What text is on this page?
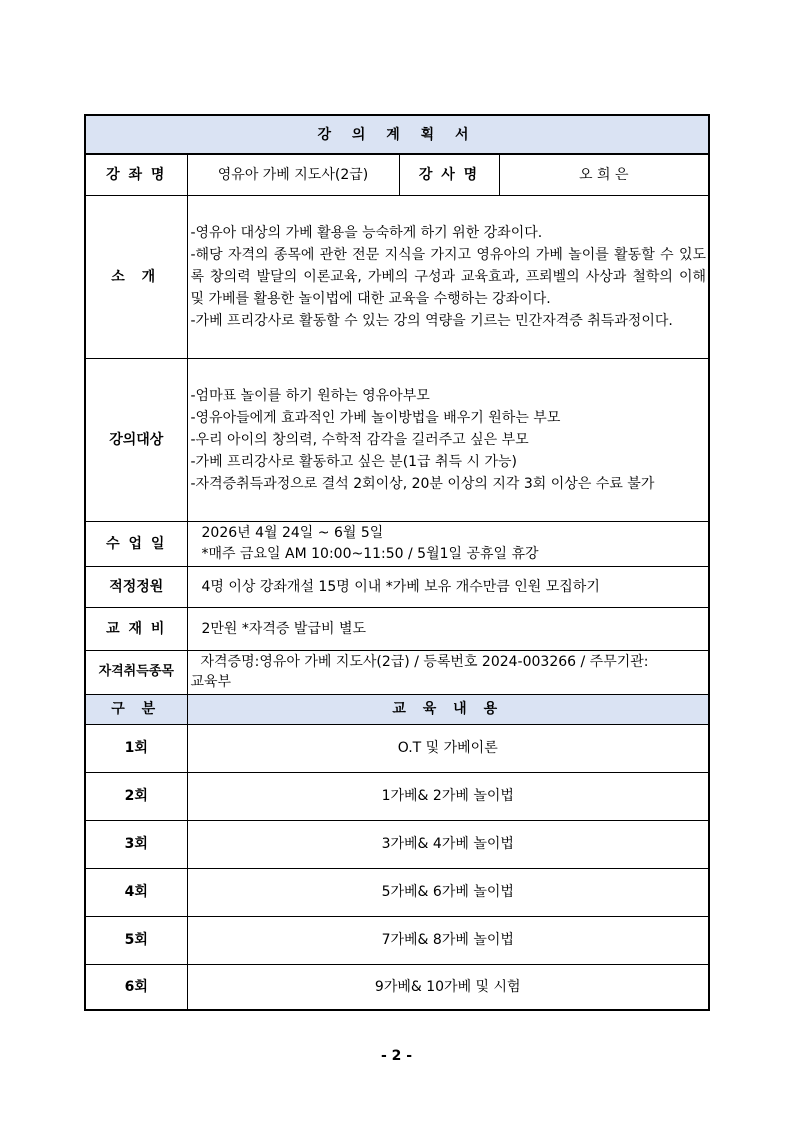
강 의 계 획 서			
강 좌 명	영유아 가베 지도사(2급)	강 사 명	오 희 은
소 개	-영유아 대상의 가베 활용을 능숙하게 하기 위한 강좌이다.
-해당 자격의 종목에 관한 전문 지식을 가지고 영유아의 가베 놀이를 활동할 수 있도록 창의력 발달의 이론교육, 가베의 구성과 교육효과, 프뢰벨의 사상과 철학의 이해 및 가베를 활용한 놀이법에 대한 교육을 수행하는 강좌이다.
-가베 프리강사로 활동할 수 있는 강의 역량을 기르는 민간자격증 취득과정이다.		

강의대상	-엄마표 놀이를 하기 원하는 영유아부모
-영유아들에게 효과적인 가베 놀이방법을 배우기 원하는 부모
-우리 아이의 창의력, 수학적 감각을 길러주고 싶은 부모
-가베 프리강사로 활동하고 싶은 분(1급 취득 시 가능)
-자격증취득과정으로 결석 2회이상, 20분 이상의 지각 3회 이상은 수료 불가		

수 업 일	2026년 4월 24일 ~ 6월 5일
*매주 금요일 AM 10:00~11:50 / 5월1일 공휴일 휴강		

적정정원	4명 이상 강좌개설 15명 이내 *가베 보유 개수만큼 인원 모집하기		
교 재 비	2만원 *자격증 발급비 별도		
자격취득종목	자격증명:영유아 가베 지도사(2급) / 등록번호 2024-003266 / 주무기관:
교육부		

구 분	교 육 내 용		
1회	O.T 및 가베이론		
2회	1가베& 2가베 놀이법		
3회	3가베& 4가베 놀이법		
4회	5가베& 6가베 놀이법		
5회	7가베& 8가베 놀이법		
6회	9가베& 10가베 및 시험		
- 2 -
